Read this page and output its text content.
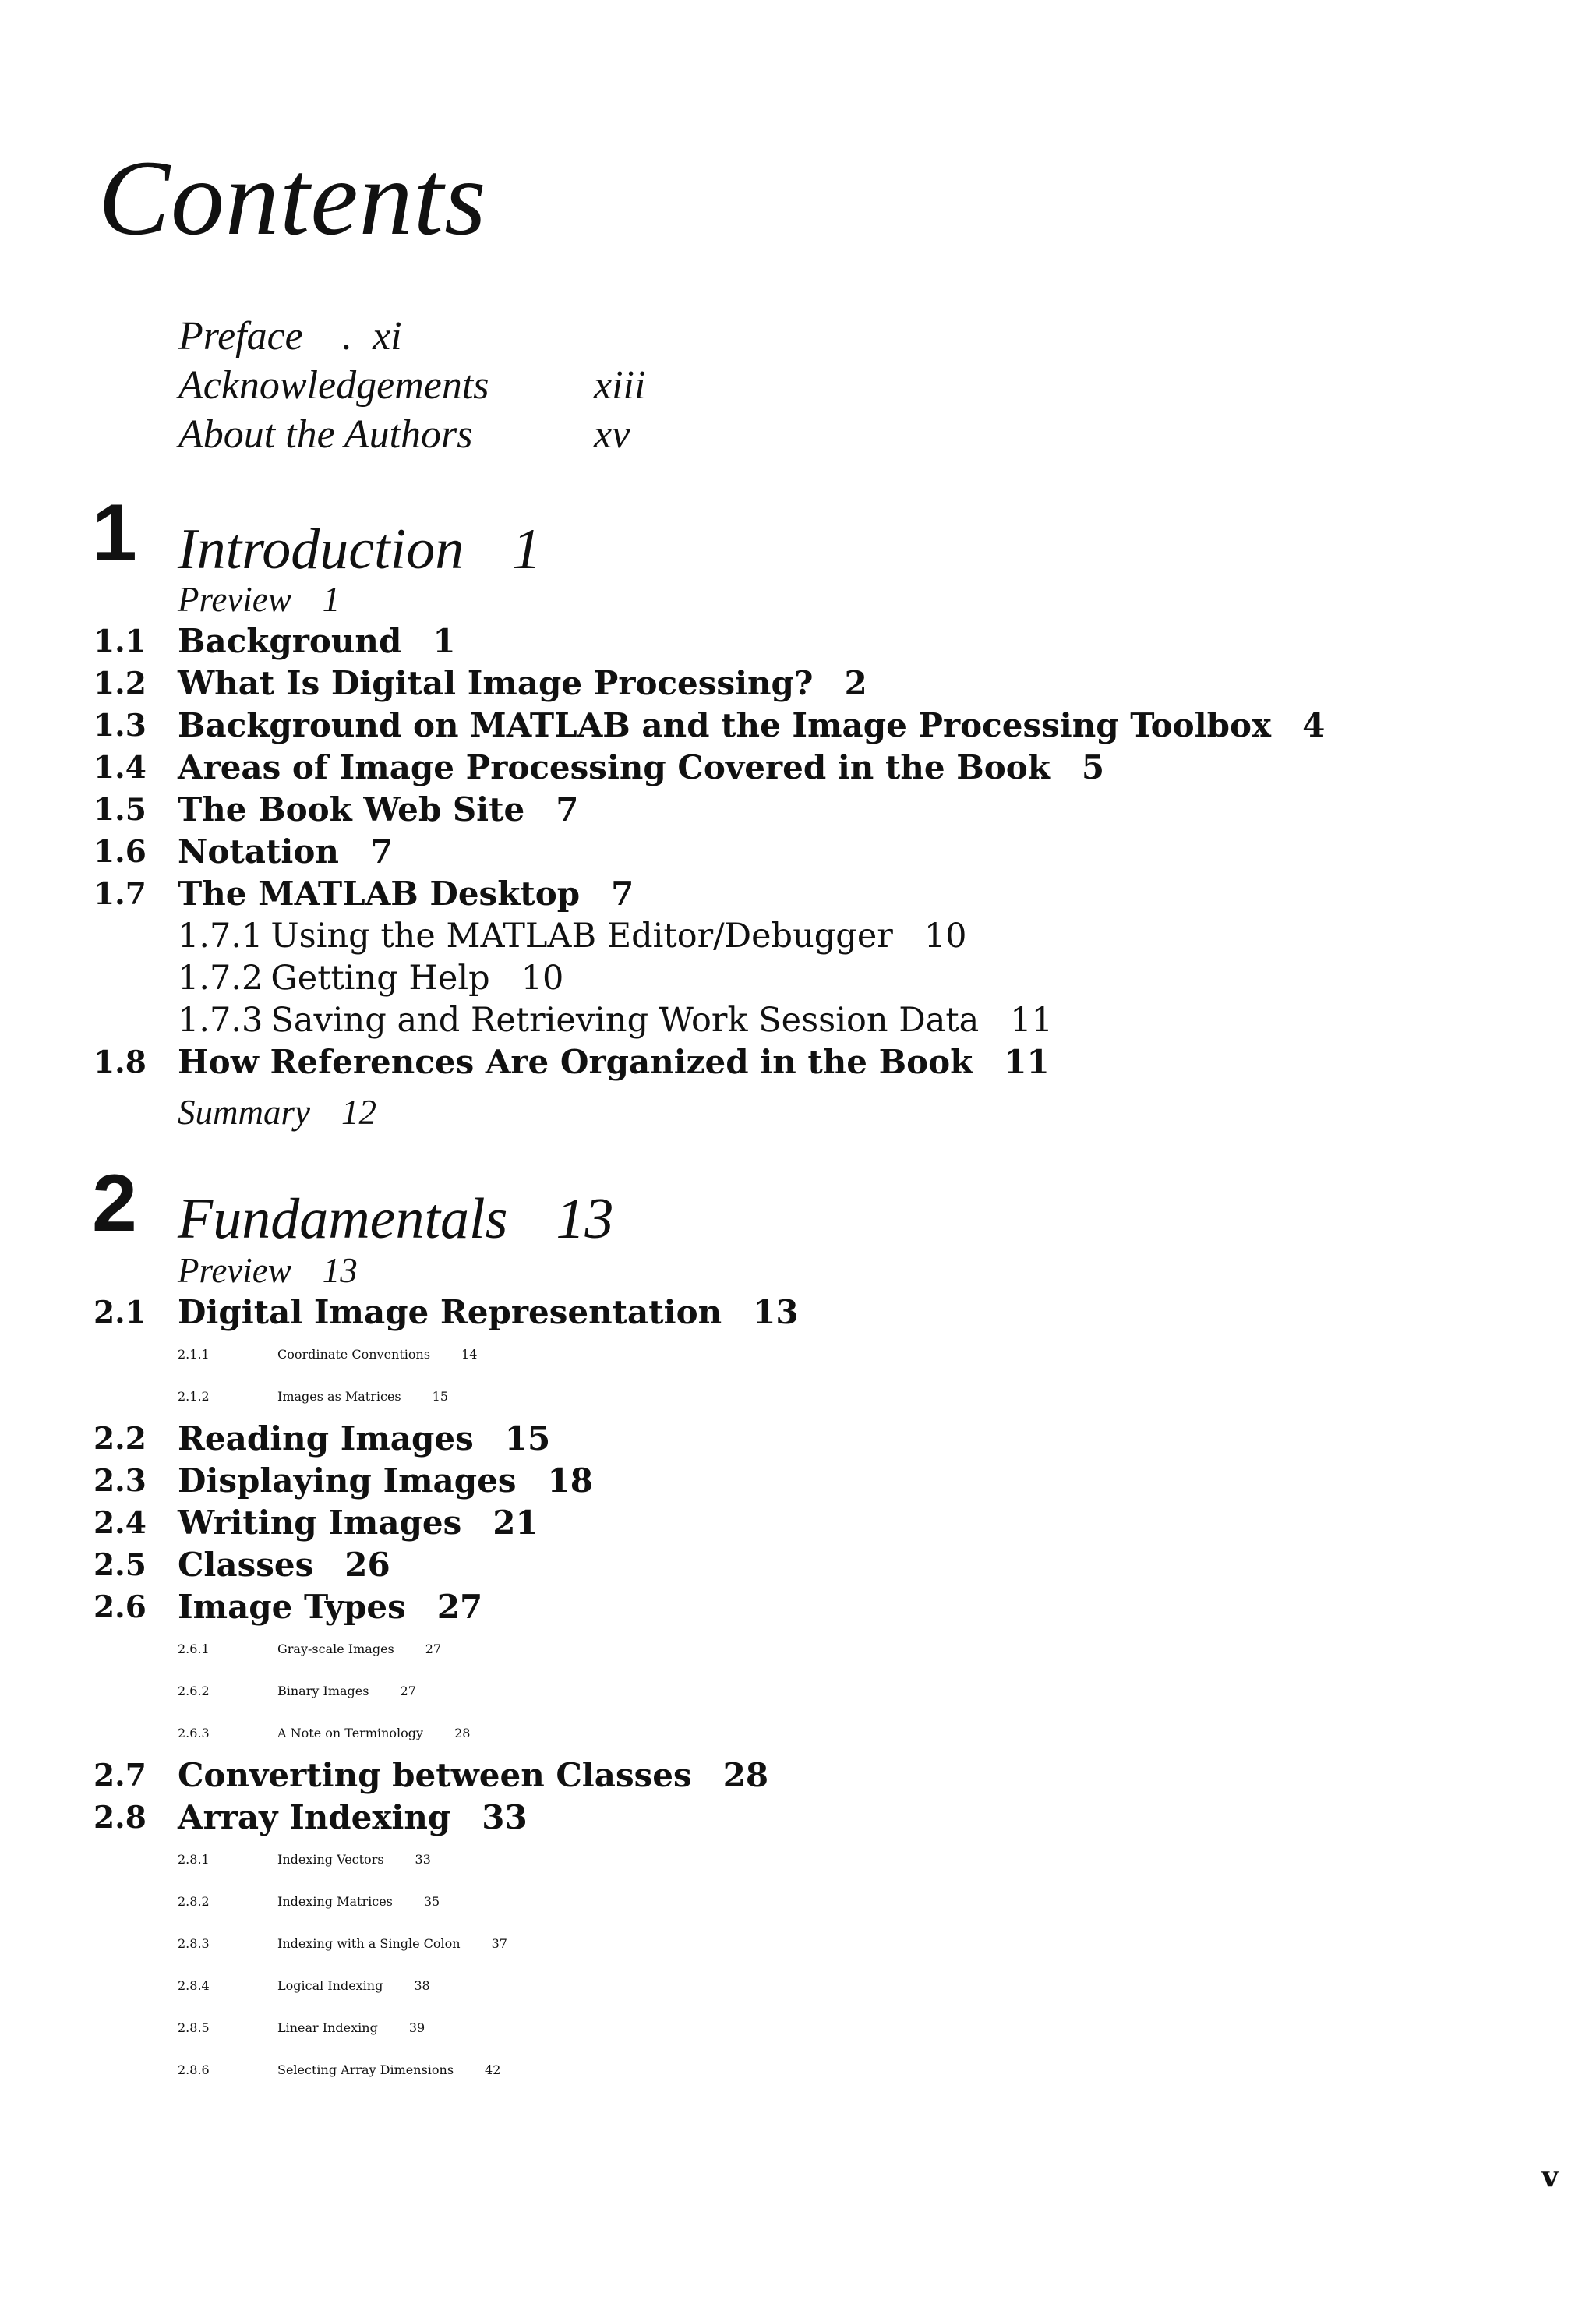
Contents
Preface . xi
Acknowledgements	xiii
About the Authors	xv
1 Introduction 1
Preview 1
1.1 Background 1
1.2 What Is Digital Image Processing? 2
1.3 Background on MATLAB and the Image Processing Toolbox 4
1.4 Areas of Image Processing Covered in the Book 5
1.5 The Book Web Site 7
1.6 Notation 7
1.7 The MATLAB Desktop 7
1.7.1 Using the MATLAB Editor/Debugger 10
1.7.2 Getting Help 10
1.7.3 Saving and Retrieving Work Session Data 11
1.8 How References Are Organized in the Book 11
Summary 12
2 Fundamentals 13
Preview 13
2.1 Digital Image Representation 13
2.1.1	Coordinate Conventions	14
2.1.2	Images as Matrices	15
2.2 Reading Images 15
2.3 Displaying Images 18
2.4 Writing Images 21
2.5 Classes 26
2.6 Image Types 27
2.6.1	Gray-scale Images	27
2.6.2	Binary Images	27
2.6.3	A Note on Terminology	28
2.7 Converting between Classes 28
2.8 Array Indexing 33
2.8.1	Indexing Vectors	33
2.8.2	Indexing Matrices	35
2.8.3	Indexing with a Single Colon	37
2.8.4	Logical Indexing	38
2.8.5	Linear Indexing	39
2.8.6	Selecting Array Dimensions	42
v
